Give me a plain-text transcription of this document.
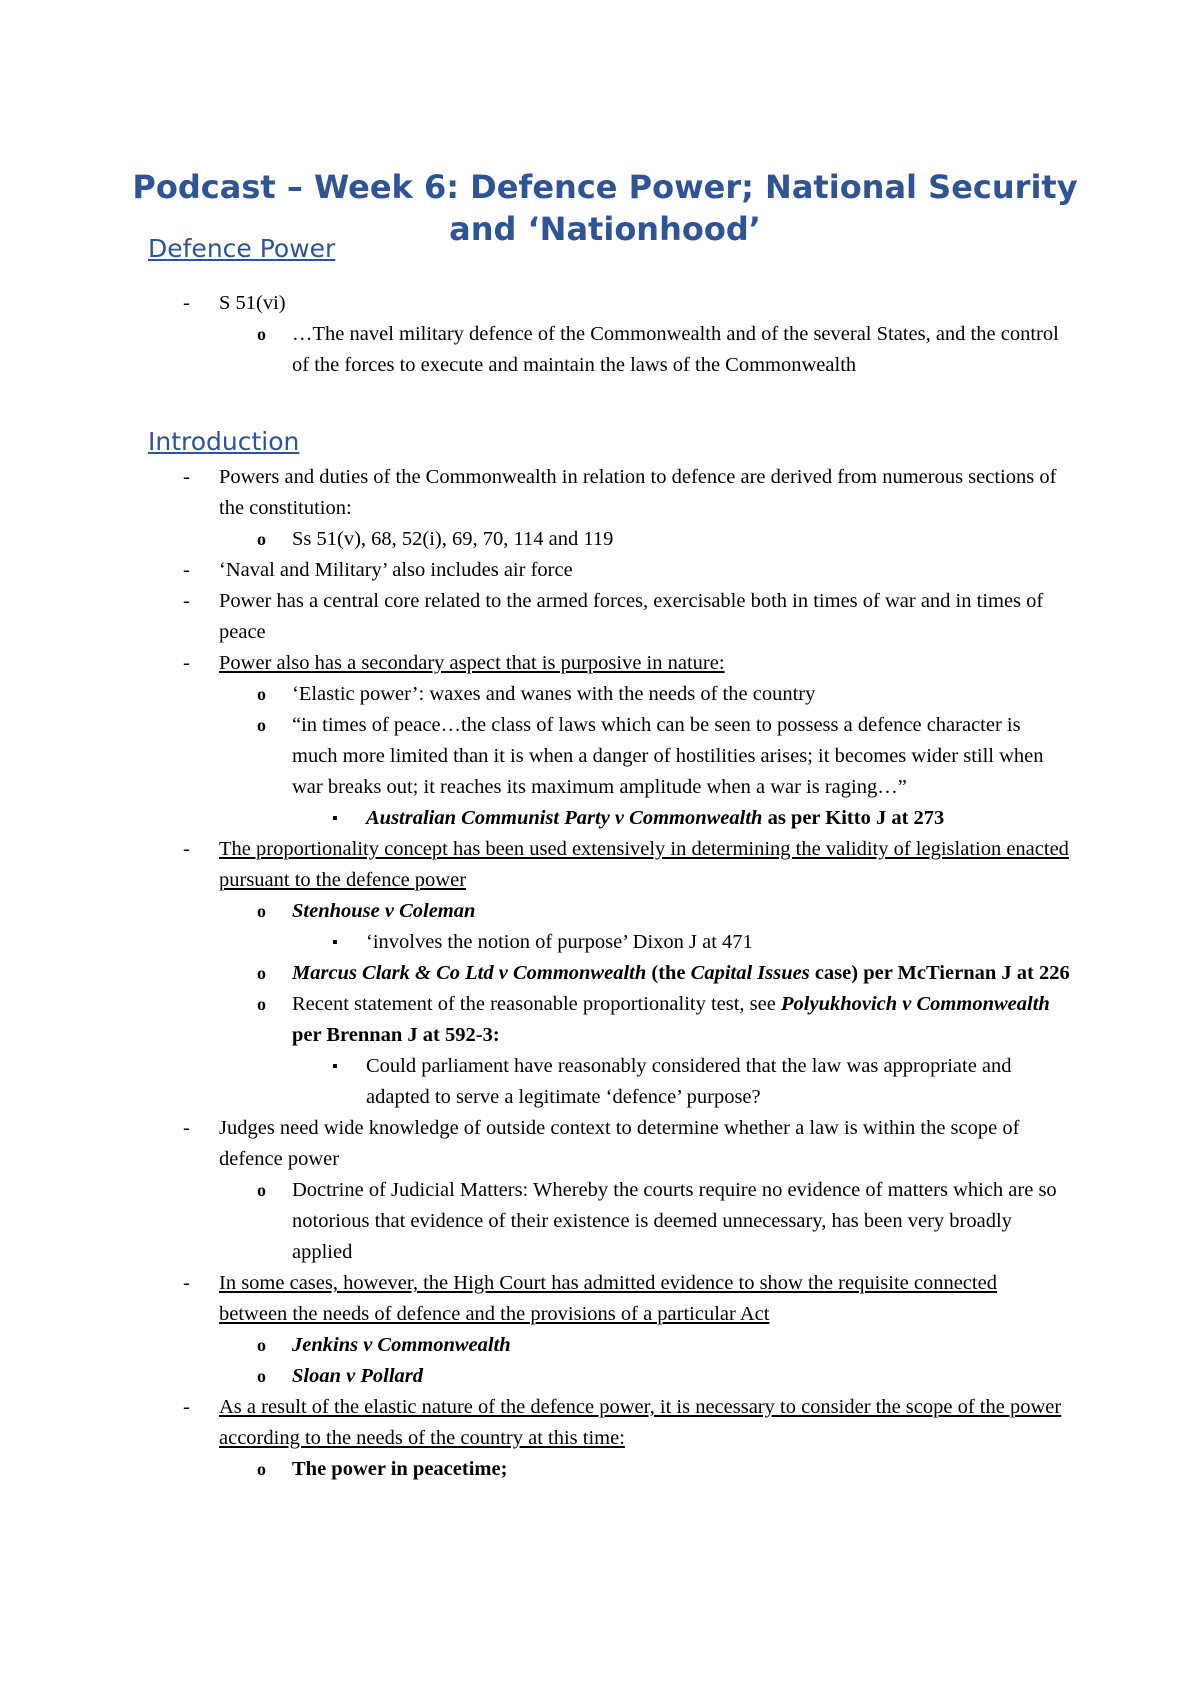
Podcast – Week 6: Defence Power; National Security and ‘Nationhood’
Defence Power
- S 51(vi)
o …The navel military defence of the Commonwealth and of the several States, and the control of the forces to execute and maintain the laws of the Commonwealth
Introduction
- Powers and duties of the Commonwealth in relation to defence are derived from numerous sections of the constitution:
o Ss 51(v), 68, 52(i), 69, 70, 114 and 119
- ‘Naval and Military’ also includes air force
- Power has a central core related to the armed forces, exercisable both in times of war and in times of peace
- Power also has a secondary aspect that is purposive in nature:
o ‘Elastic power’: waxes and wanes with the needs of the country
o “in times of peace…the class of laws which can be seen to possess a defence character is much more limited than it is when a danger of hostilities arises; it becomes wider still when war breaks out; it reaches its maximum amplitude when a war is raging…”
▪ Australian Communist Party v Commonwealth as per Kitto J at 273
- The proportionality concept has been used extensively in determining the validity of legislation enacted pursuant to the defence power
o Stenhouse v Coleman
▪ ‘involves the notion of purpose’ Dixon J at 471
o Marcus Clark & Co Ltd v Commonwealth (the Capital Issues case) per McTiernan J at 226
o Recent statement of the reasonable proportionality test, see Polyukhovich v Commonwealth per Brennan J at 592-3:
▪ Could parliament have reasonably considered that the law was appropriate and adapted to serve a legitimate ‘defence’ purpose?
- Judges need wide knowledge of outside context to determine whether a law is within the scope of defence power
o Doctrine of Judicial Matters: Whereby the courts require no evidence of matters which are so notorious that evidence of their existence is deemed unnecessary, has been very broadly applied
- In some cases, however, the High Court has admitted evidence to show the requisite connected between the needs of defence and the provisions of a particular Act
o Jenkins v Commonwealth
o Sloan v Pollard
- As a result of the elastic nature of the defence power, it is necessary to consider the scope of the power according to the needs of the country at this time:
o The power in peacetime;
